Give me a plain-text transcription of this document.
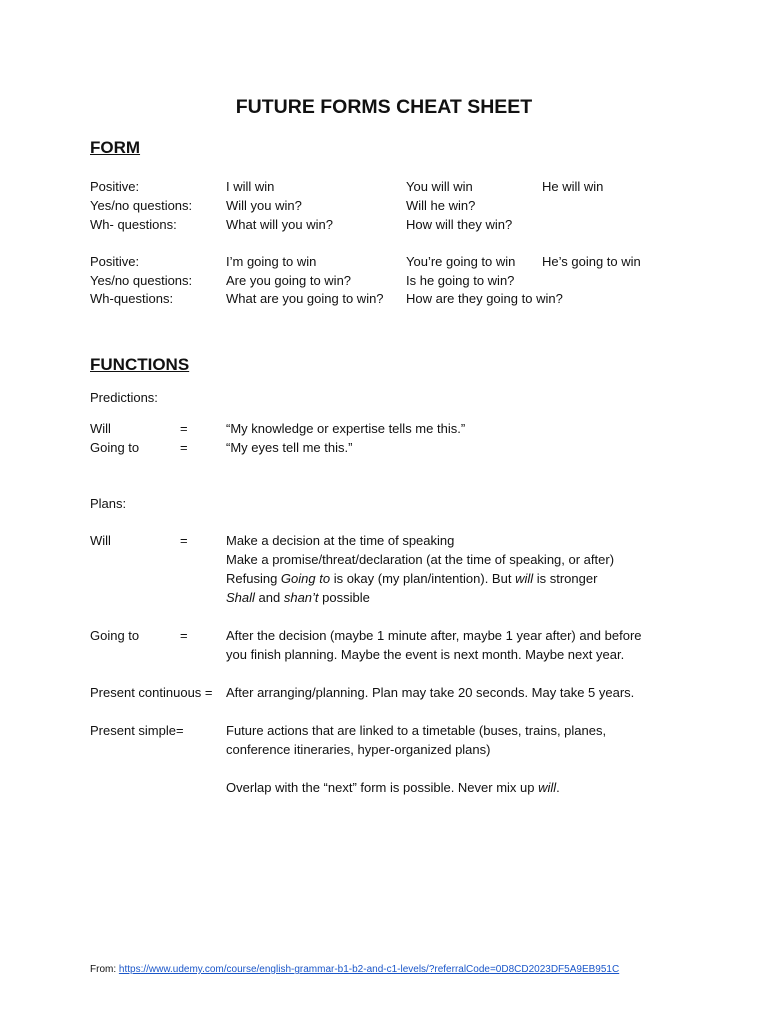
FUTURE FORMS CHEAT SHEET
FORM
Positive:	I will win	You will win	He will win
Yes/no questions:	Will you win?	Will he win?
Wh- questions:	What will you win?	How will they win?
Positive:	I’m going to win	You’re going to win He’s going to win
Yes/no questions:	Are you going to win?	Is he going to win?
Wh-questions:	What are you going to win? How are they going to win?
FUNCTIONS
Predictions:
Will	=	“My knowledge or expertise tells me this.”
Going to	=	“My eyes tell me this.”
Plans:
Will	=	Make a decision at the time of speaking
Make a promise/threat/declaration (at the time of speaking, or after)
Refusing Going to is okay (my plan/intention). But will is stronger
Shall and shan’t possible
Going to	=	After the decision (maybe 1 minute after, maybe 1 year after) and before
you finish planning. Maybe the event is next month. Maybe next year.
Present continuous = After arranging/planning. Plan may take 20 seconds. May take 5 years.
Present simple=	Future actions that are linked to a timetable (buses, trains, planes,
conference itineraries, hyper-organized plans)
Overlap with the “next” form is possible. Never mix up will.
From: https://www.udemy.com/course/english-grammar-b1-b2-and-c1-levels/?referralCode=0D8CD2023DF5A9EB951C
